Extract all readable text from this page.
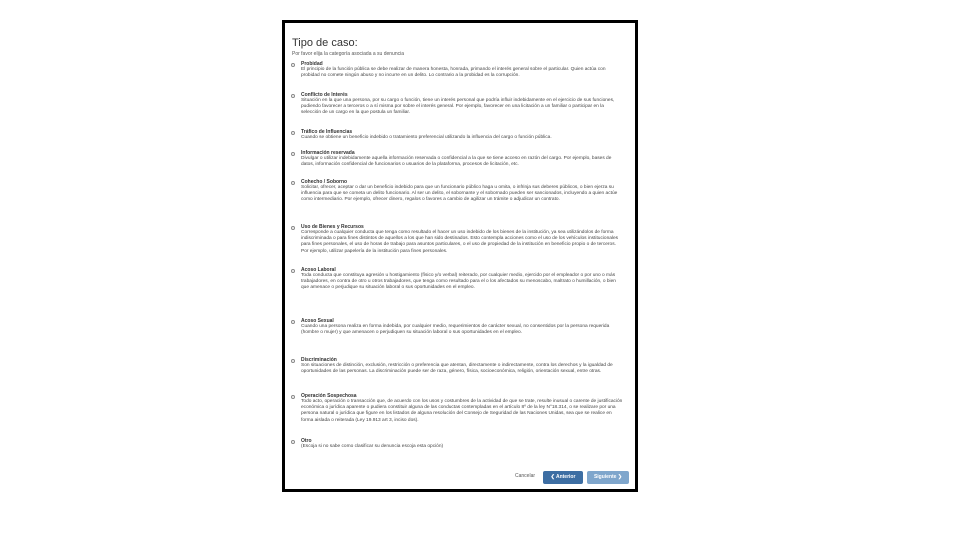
Tipo de caso:
Por favor elija la categoría asociada a su denuncia
Probidad
El principio de la función pública se debe realizar de manera honesta, honrada, primando el interés general sobre el particular. Quien actúa con probidad no comete ningún abuso y no incurre en un delito. Lo contrario a la probidad es la corrupción.
Conflicto de Interés
Situación en la que una persona, por su cargo o función, tiene un interés personal que podría influir indebidamente en el ejercicio de sus funciones, pudiendo favorecer a terceros o a sí misma por sobre el interés general. Por ejemplo, favorecer en una licitación a un familiar o participar en la selección de un cargo en la que postula un familiar.
Tráfico de Influencias
Cuando se obtiene un beneficio indebido o tratamiento preferencial utilizando la influencia del cargo o función pública.
Información reservada
Divulgar o utilizar indebidamente aquella información reservada o confidencial a la que se tiene acceso en razón del cargo. Por ejemplo, bases de datos, información confidencial de funcionarios o usuarios de la plataforma, procesos de licitación, etc.
Cohecho / Soborno
Solicitar, ofrecer, aceptar o dar un beneficio indebido para que un funcionario público haga u omita, o infrinja sus deberes públicos, o bien ejerza su influencia para que se cometa un delito funcionario. Al ser un delito, el sobornante y el sobornado pueden ser sancionados, incluyendo a quien actúe como intermediario. Por ejemplo, ofrecer dinero, regalos o favores a cambio de agilizar un trámite o adjudicar un contrato.
Uso de Bienes y Recursos
Corresponde a cualquier conducta que tenga como resultado el hacer un uso indebido de los bienes de la institución, ya sea utilizándolos de forma indiscriminada o para fines distintos de aquellos a los que han sido destinados. Esto contempla acciones como el uso de los vehículos institucionales para fines personales, el uso de horas de trabajo para asuntos particulares, o el uso de propiedad de la institución en beneficio propio o de terceros. Por ejemplo, utilizar papelería de la institución para fines personales.
Acoso Laboral
Toda conducta que constituya agresión u hostigamiento (físico y/o verbal) reiterado, por cualquier medio, ejercido por el empleador o por uno o más trabajadores, en contra de otro u otros trabajadores, que tenga como resultado para el o los afectados su menoscabo, maltrato o humillación, o bien que amenace o perjudique su situación laboral o sus oportunidades en el empleo.
Acoso Sexual
Cuando una persona realiza en forma indebida, por cualquier medio, requerimientos de carácter sexual, no consentidos por la persona requerida (hombre o mujer) y que amenacen o perjudiquen su situación laboral o sus oportunidades en el empleo.
Discriminación
Son situaciones de distinción, exclusión, restricción o preferencia que atentan, directamente o indirectamente, contra los derechos y la igualdad de oportunidades de las personas. La discriminación puede ser de raza, género, física, socioeconómica, religión, orientación sexual, entre otras.
Operación Sospechosa
Todo acto, operación o transacción que, de acuerdo con los usos y costumbres de la actividad de que se trate, resulte inusual o carente de justificación económica o jurídica aparente o pudiera constituir alguna de las conductas contempladas en el artículo 8º de la ley N°18.314, o se realizare por una persona natural o jurídica que figure en los listados de alguna resolución del Consejo de Seguridad de las Naciones Unidas, sea que se realice en forma aislada o reiterada (Ley 19.913 art 3, inciso dos).
Otro
(Escoja si no sabe como clasificar su denuncia escoja esta opción)
Cancelar	❮ Anterior	Siguiente ❯
